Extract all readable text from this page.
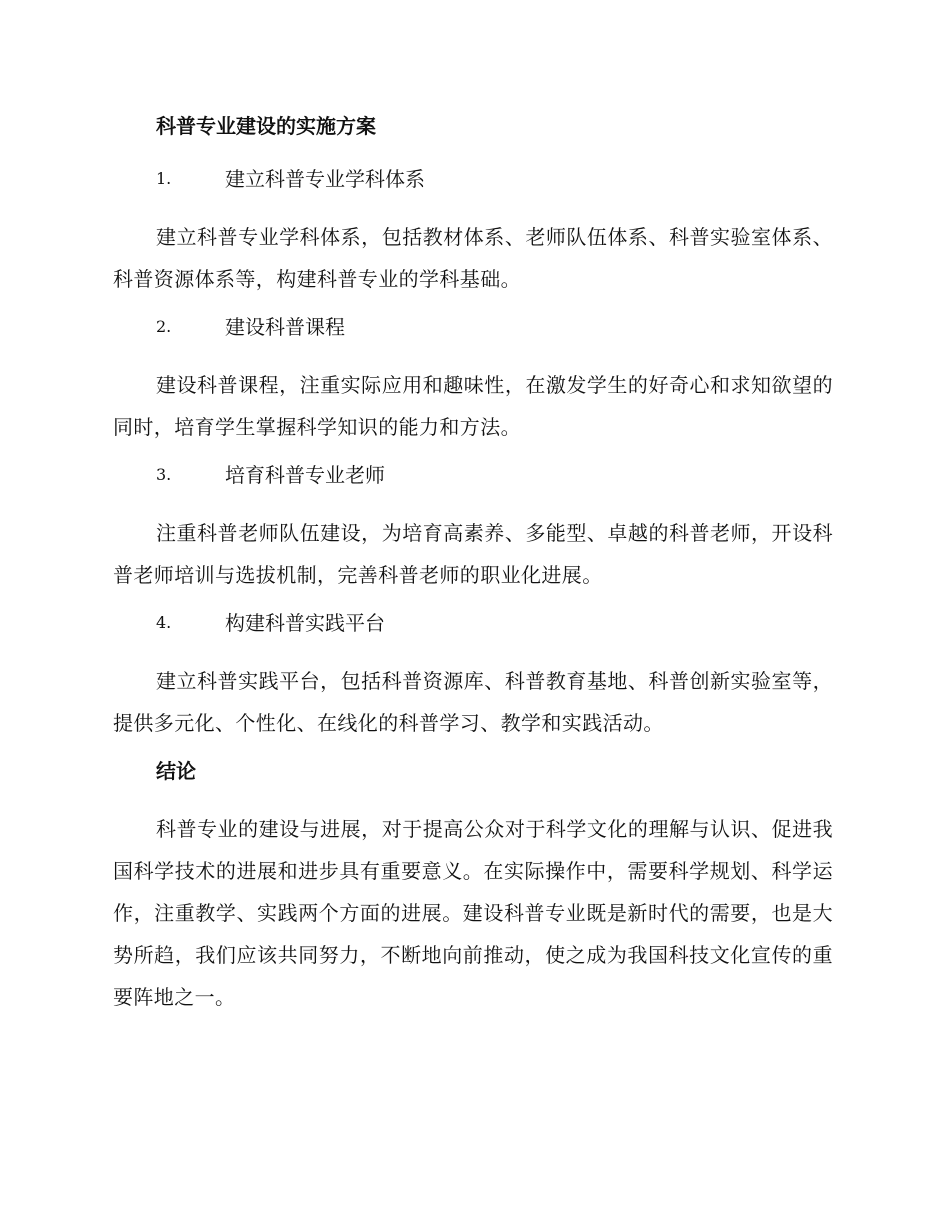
科普专业建设的实施方案
1.	建立科普专业学科体系

建立科普专业学科体系，包括教材体系、老师队伍体系、科普实验室体系、科普资源体系等，构建科普专业的学科基础。

2.	建设科普课程

建设科普课程，注重实际应用和趣味性，在激发学生的好奇心和求知欲望的同时，培育学生掌握科学知识的能力和方法。

3.	培育科普专业老师

注重科普老师队伍建设，为培育高素养、多能型、卓越的科普老师，开设科普老师培训与选拔机制，完善科普老师的职业化进展。

4.	构建科普实践平台

建立科普实践平台，包括科普资源库、科普教育基地、科普创新实验室等，提供多元化、个性化、在线化的科普学习、教学和实践活动。

结论

科普专业的建设与进展，对于提高公众对于科学文化的理解与认识、促进我国科学技术的进展和进步具有重要意义。在实际操作中，需要科学规划、科学运作，注重教学、实践两个方面的进展。建设科普专业既是新时代的需要，也是大势所趋，我们应该共同努力，不断地向前推动，使之成为我国科技文化宣传的重要阵地之一。
